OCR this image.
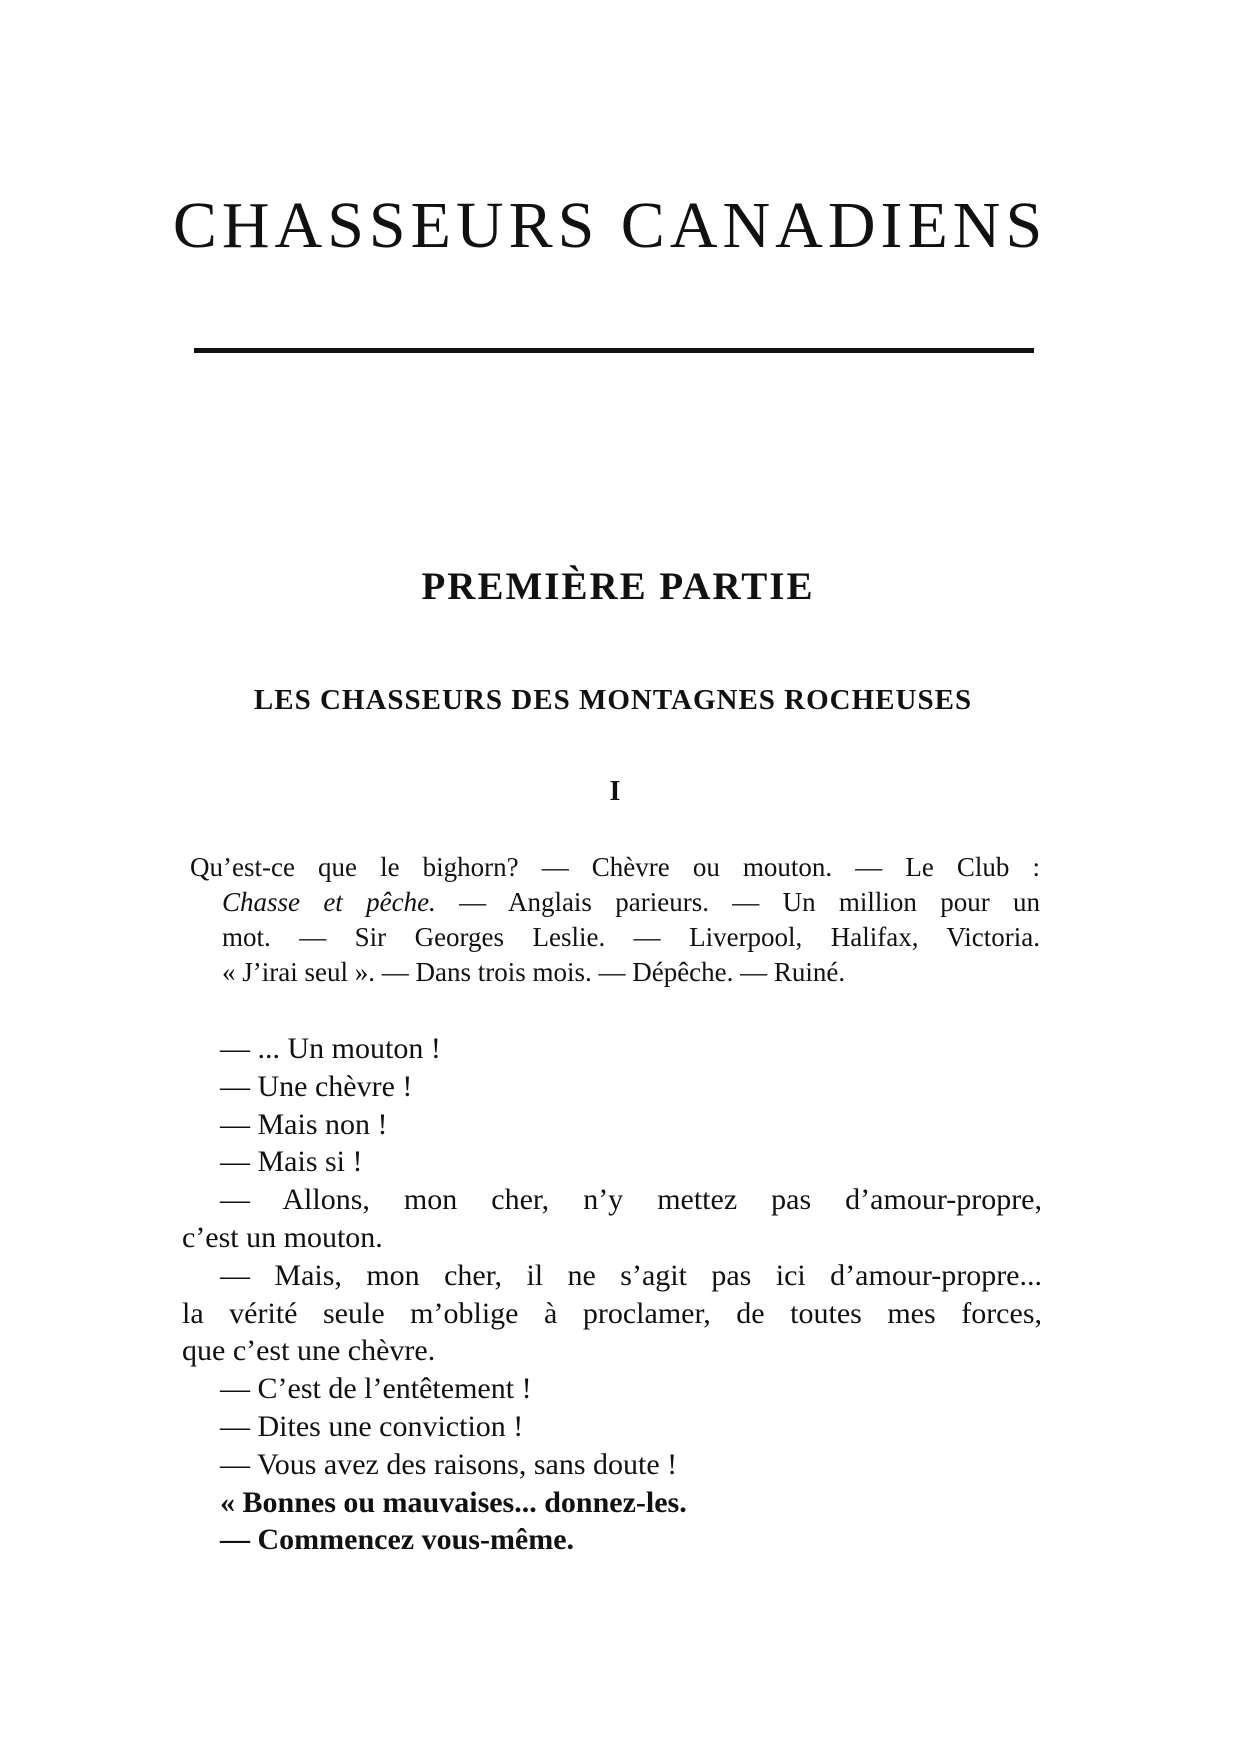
CHASSEURS CANADIENS
PREMIÈRE PARTIE
LES CHASSEURS DES MONTAGNES ROCHEUSES
I
Qu’est-ce que le bighorn? — Chèvre ou mouton. — Le Club :
Chasse et pêche. — Anglais parieurs. — Un million pour un
mot. — Sir Georges Leslie. — Liverpool, Halifax, Victoria.
« J’irai seul ». — Dans trois mois. — Dépêche. — Ruiné.
— ... Un mouton !
— Une chèvre !
— Mais non !
— Mais si !
— Allons, mon cher, n’y mettez pas d’amour-propre,
c’est un mouton.
— Mais, mon cher, il ne s’agit pas ici d’amour-propre...
la vérité seule m’oblige à proclamer, de toutes mes forces,
que c’est une chèvre.
— C’est de l’entêtement !
— Dites une conviction !
— Vous avez des raisons, sans doute !
« Bonnes ou mauvaises... donnez-les.
— Commencez vous-même.
